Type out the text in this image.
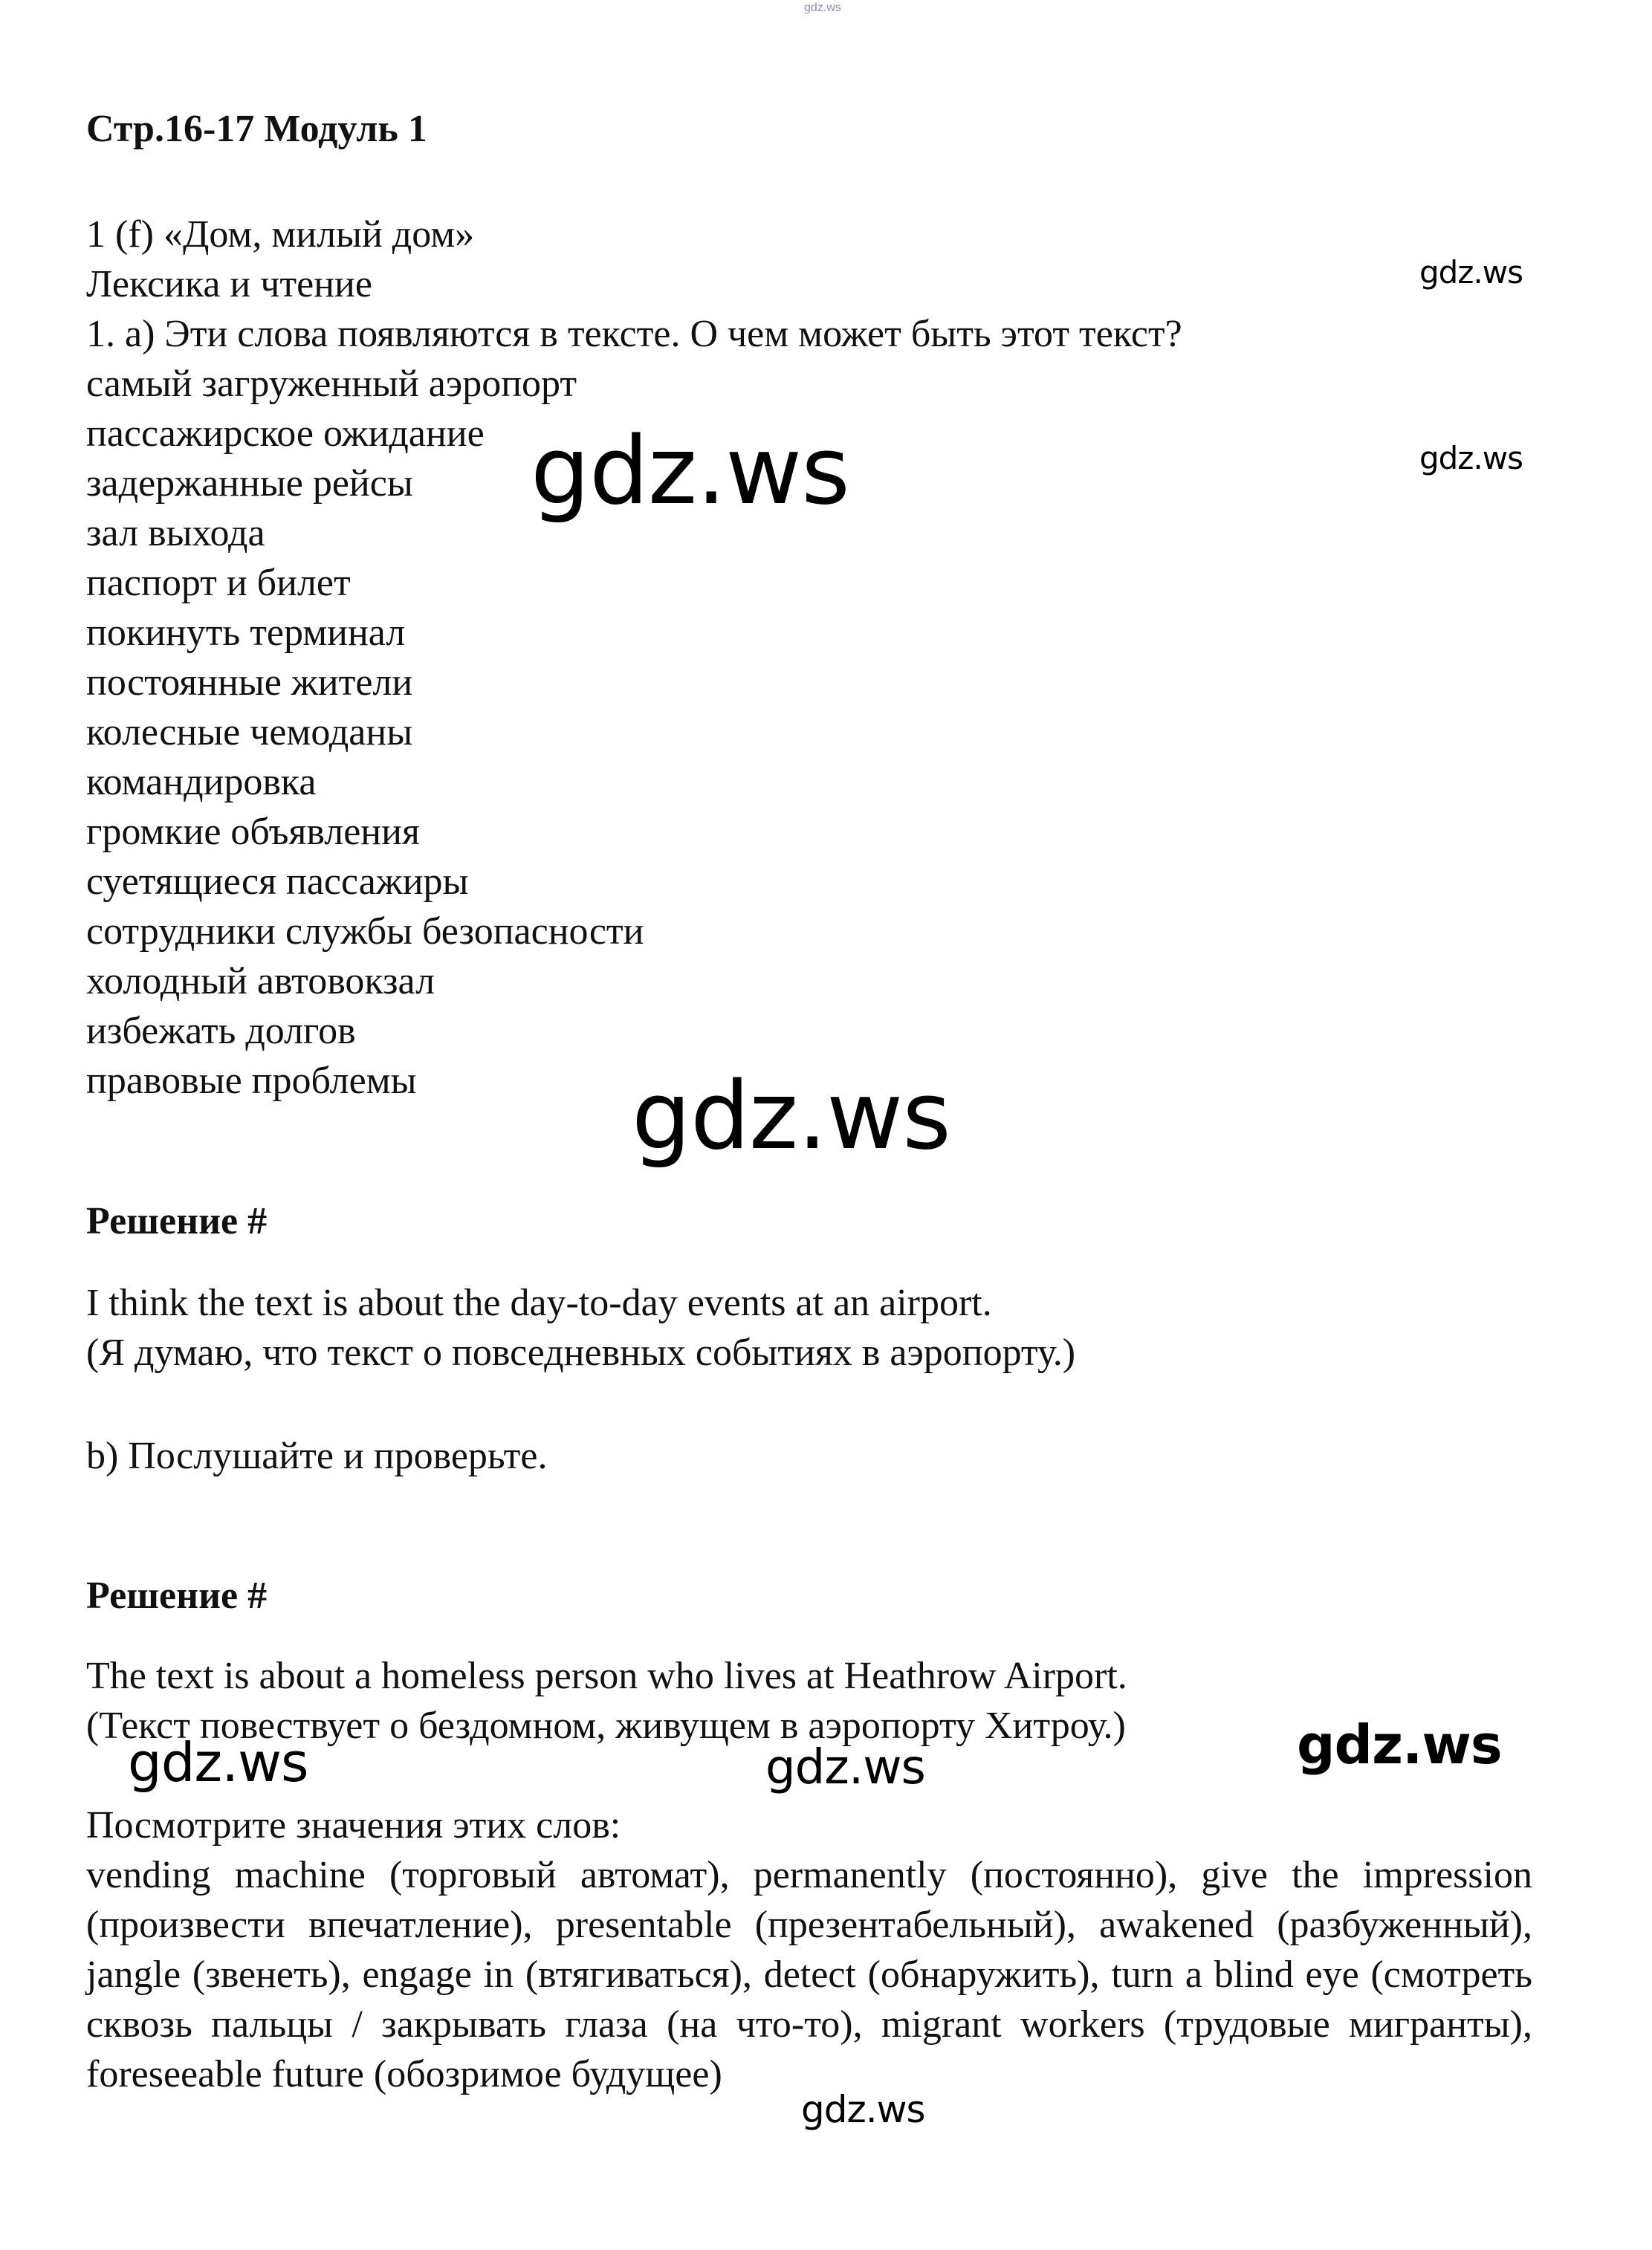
gdz.ws
Стр.16-17 Модуль 1
1 (f) «Дом, милый дом»
Лексика и чтение
1. a) Эти слова появляются в тексте. О чем может быть этот текст?
самый загруженный аэропорт
пассажирское ожидание
задержанные рейсы
зал выхода
паспорт и билет
покинуть терминал
постоянные жители
колесные чемоданы
командировка
громкие объявления
суетящиеся пассажиры
сотрудники службы безопасности
холодный автовокзал
избежать долгов
правовые проблемы
Решение #
I think the text is about the day-to-day events at an airport.
(Я думаю, что текст о повседневных событиях в аэропорту.)
b) Послушайте и проверьте.
Решение #
The text is about a homeless person who lives at Heathrow Airport.
(Текст повествует о бездомном, живущем в аэропорту Хитроу.)
Посмотрите значения этих слов:
vending machine (торговый автомат), permanently (постоянно), give the impression (произвести впечатление), presentable (презентабельный), awakened (разбуженный), jangle (звенеть), engage in (втягиваться), detect (обнаружить), turn a blind eye (смотреть сквозь пальцы / закрывать глаза (на что-то), migrant workers (трудовые мигранты), foreseeable future (обозримое будущее)
gdz.ws
gdz.ws
gdz.ws
gdz.ws
gdz.ws
gdz.ws	gdz.ws
gdz.ws
